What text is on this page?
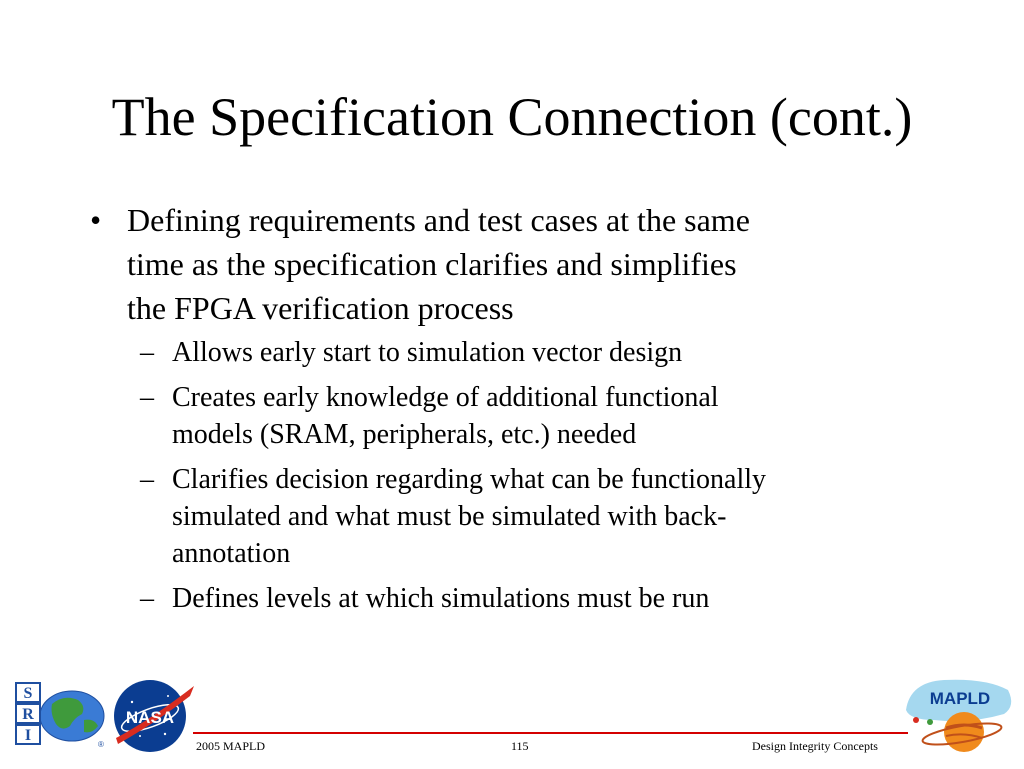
The Specification Connection (cont.)
• Defining requirements and test cases at the same
time as the specification clarifies and simplifies
the FPGA verification process
– Allows early start to simulation vector design
– Creates early knowledge of additional functional
models (SRAM, peripherals, etc.) needed
– Clarifies decision regarding what can be functionally
simulated and what must be simulated with back-
annotation
– Defines levels at which simulations must be run
S
R
I
®
NASA
MAPLD
2005 MAPLD	115	Design Integrity Concepts
